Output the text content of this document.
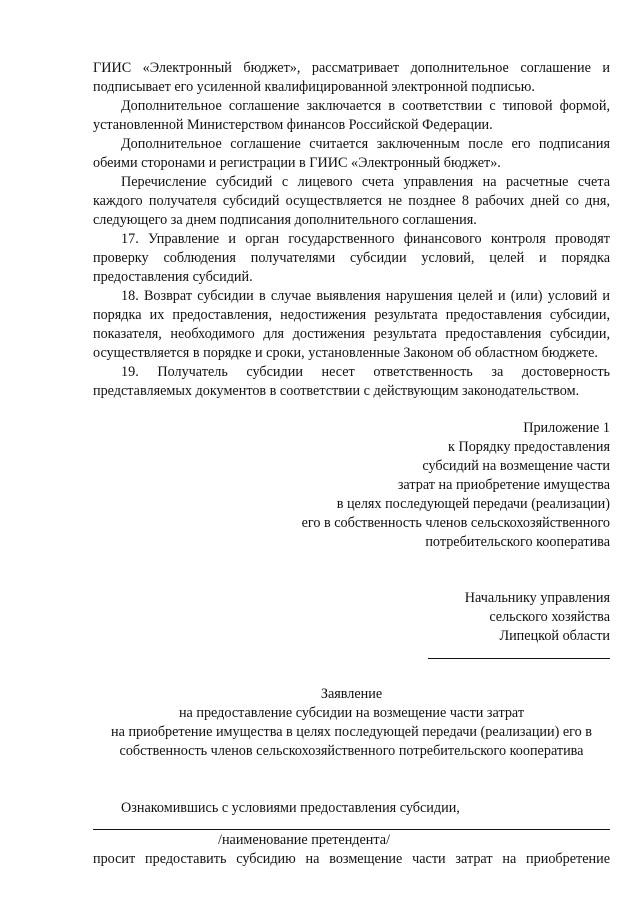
ГИИС «Электронный бюджет», рассматривает дополнительное соглашение и подписывает его усиленной квалифицированной электронной подписью.

Дополнительное соглашение заключается в соответствии с типовой формой, установленной Министерством финансов Российской Федерации.

Дополнительное соглашение считается заключенным после его подписания обеими сторонами и регистрации в ГИИС «Электронный бюджет».

Перечисление субсидий с лицевого счета управления на расчетные счета каждого получателя субсидий осуществляется не позднее 8 рабочих дней со дня, следующего за днем подписания дополнительного соглашения.

17. Управление и орган государственного финансового контроля проводят проверку соблюдения получателями субсидии условий, целей и порядка предоставления субсидий.

18. Возврат субсидии в случае выявления нарушения целей и (или) условий и порядка их предоставления, недостижения результата предоставления субсидии, показателя, необходимого для достижения результата предоставления субсидии, осуществляется в порядке и сроки, установленные Законом об областном бюджете.

19. Получатель субсидии несет ответственность за достоверность представляемых документов в соответствии с действующим законодательством.

Приложение 1
к Порядку предоставления
субсидий на возмещение части
затрат на приобретение имущества
в целях последующей передачи (реализации)
его в собственность членов сельскохозяйственного
потребительского кооператива
Начальнику управления
сельского хозяйства
Липецкой области

Заявление

на предоставление субсидии на возмещение части затрат

на приобретение имущества в целях последующей передачи (реализации) его в

собственность членов сельскохозяйственного потребительского кооператива

Ознакомившись с условиями предоставления субсидии,

/наименование претендента/

просит предоставить субсидию на возмещение части затрат на приобретение
